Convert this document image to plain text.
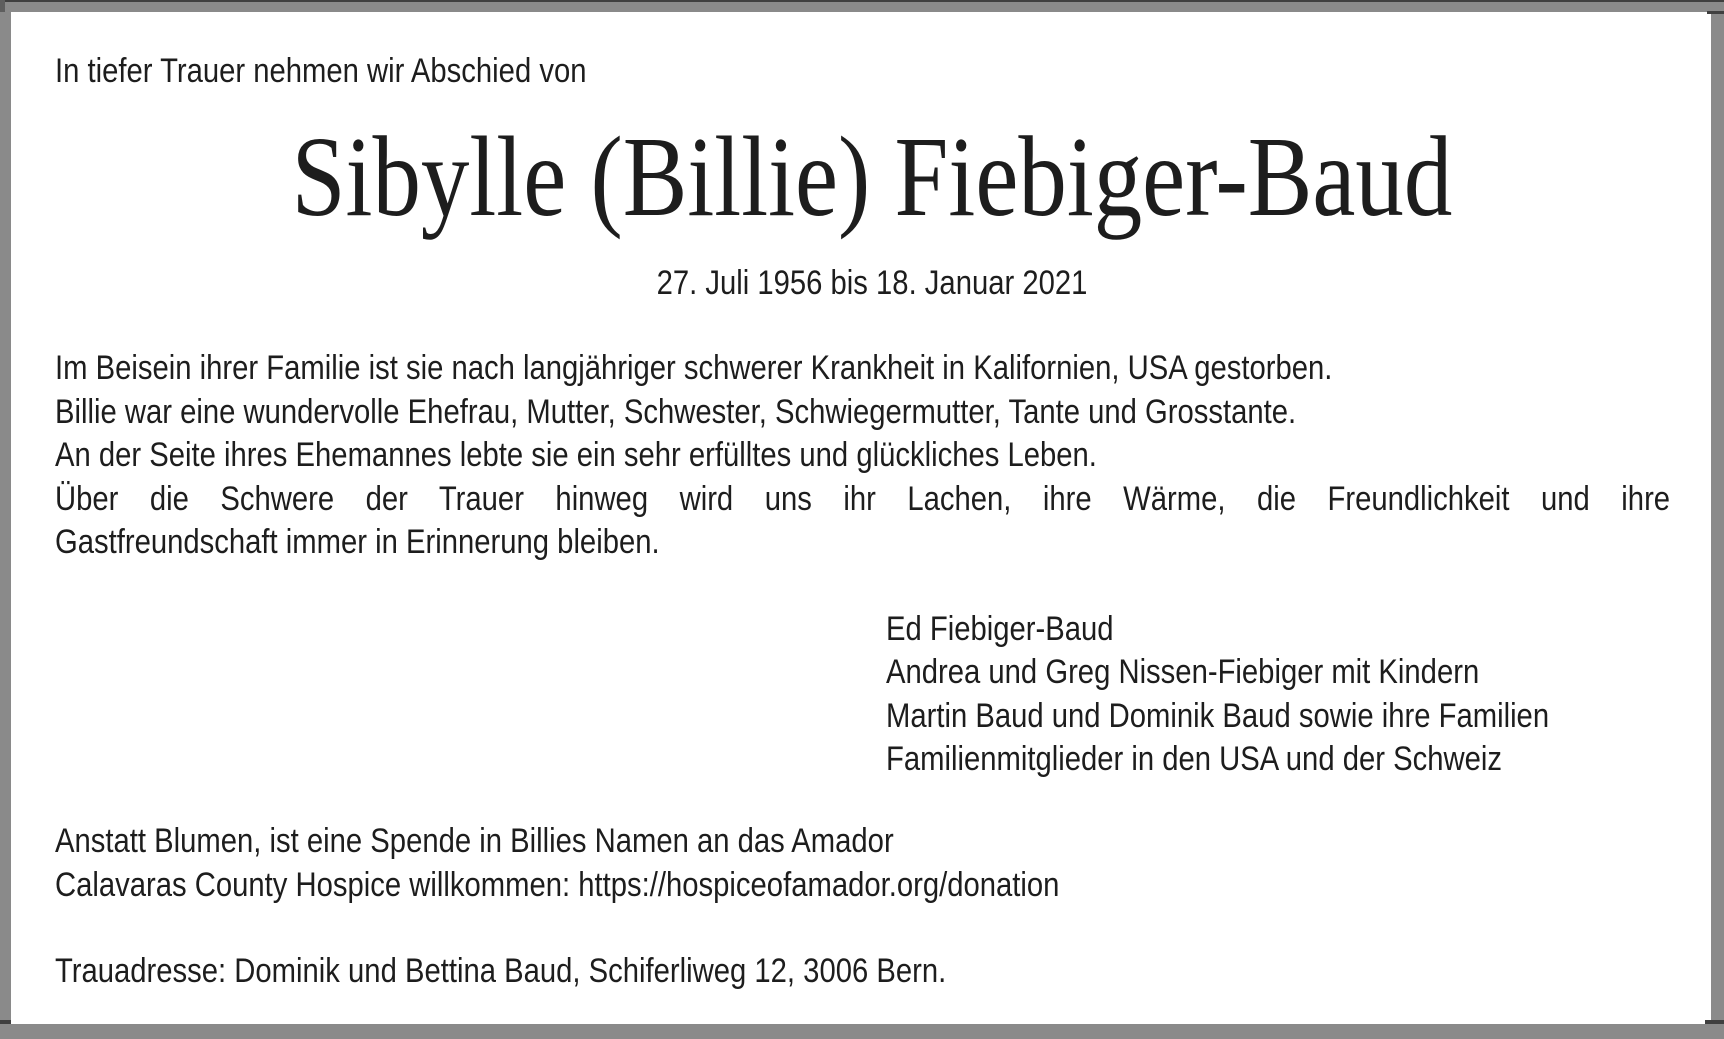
In tiefer Trauer nehmen wir Abschied von
Sibylle (Billie) Fiebiger-Baud
27. Juli 1956 bis 18. Januar 2021
Im Beisein ihrer Familie ist sie nach langjähriger schwerer Krankheit in Kalifornien, USA gestorben.
Billie war eine wundervolle Ehefrau, Mutter, Schwester, Schwiegermutter, Tante und Grosstante.
An der Seite ihres Ehemannes lebte sie ein sehr erfülltes und glückliches Leben.
Über die Schwere der Trauer hinweg wird uns ihr Lachen, ihre Wärme, die Freundlichkeit und ihre
Gastfreundschaft immer in Erinnerung bleiben.
Ed Fiebiger-Baud
Andrea und Greg Nissen-Fiebiger mit Kindern
Martin Baud und Dominik Baud sowie ihre Familien
Familienmitglieder in den USA und der Schweiz
Anstatt Blumen, ist eine Spende in Billies Namen an das Amador
Calavaras County Hospice willkommen: https://hospiceofamador.org/donation
Trauadresse: Dominik und Bettina Baud, Schiferliweg 12, 3006 Bern.
